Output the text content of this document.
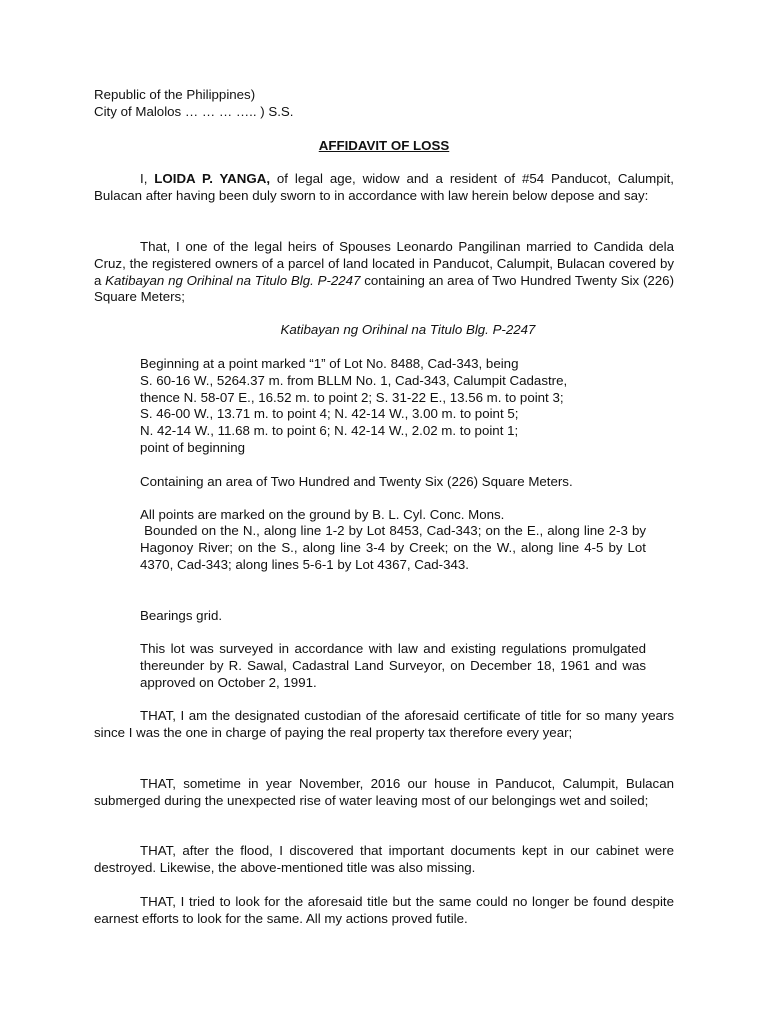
Republic of the Philippines)
City of Malolos … … … ….. ) S.S.
AFFIDAVIT OF LOSS

I, LOIDA P. YANGA, of legal age, widow and a resident of #54 Panducot, Calumpit, Bulacan after having been duly sworn to in accordance with law herein below depose and say:

That, I one of the legal heirs of Spouses Leonardo Pangilinan married to Candida dela Cruz, the registered owners of a parcel of land located in Panducot, Calumpit, Bulacan covered by a Katibayan ng Orihinal na Titulo Blg. P-2247 containing an area of Two Hundred Twenty Six (226) Square Meters;

Katibayan ng Orihinal na Titulo Blg. P-2247
Beginning at a point marked “1” of Lot No. 8488, Cad-343, being
S. 60-16 W., 5264.37 m. from BLLM No. 1, Cad-343, Calumpit Cadastre,
thence N. 58-07 E., 16.52 m. to point 2; S. 31-22 E., 13.56 m. to point 3;
S. 46-00 W., 13.71 m. to point 4; N. 42-14 W., 3.00 m. to point 5;
N. 42-14 W., 11.68 m. to point 6; N. 42-14 W., 2.02 m. to point 1;
point of beginning
Containing an area of Two Hundred and Twenty Six (226) Square Meters.
All points are marked on the ground by B. L. Cyl. Conc. Mons.

Bounded on the N., along line 1-2 by Lot 8453, Cad-343; on the E., along line 2-3 by Hagonoy River; on the S., along line 3-4 by Creek; on the W., along line 4-5 by Lot 4370, Cad-343; along lines 5-6-1 by Lot 4367, Cad-343.

Bearings grid.

This lot was surveyed in accordance with law and existing regulations promulgated thereunder by R. Sawal, Cadastral Land Surveyor, on December 18, 1961 and was approved on October 2, 1991.

THAT, I am the designated custodian of the aforesaid certificate of title for so many years since I was the one in charge of paying the real property tax therefore every year;

THAT, sometime in year November, 2016 our house in Panducot, Calumpit, Bulacan submerged during the unexpected rise of water leaving most of our belongings wet and soiled;

THAT, after the flood, I discovered that important documents kept in our cabinet were destroyed. Likewise, the above-mentioned title was also missing.

THAT, I tried to look for the aforesaid title but the same could no longer be found despite earnest efforts to look for the same. All my actions proved futile.
